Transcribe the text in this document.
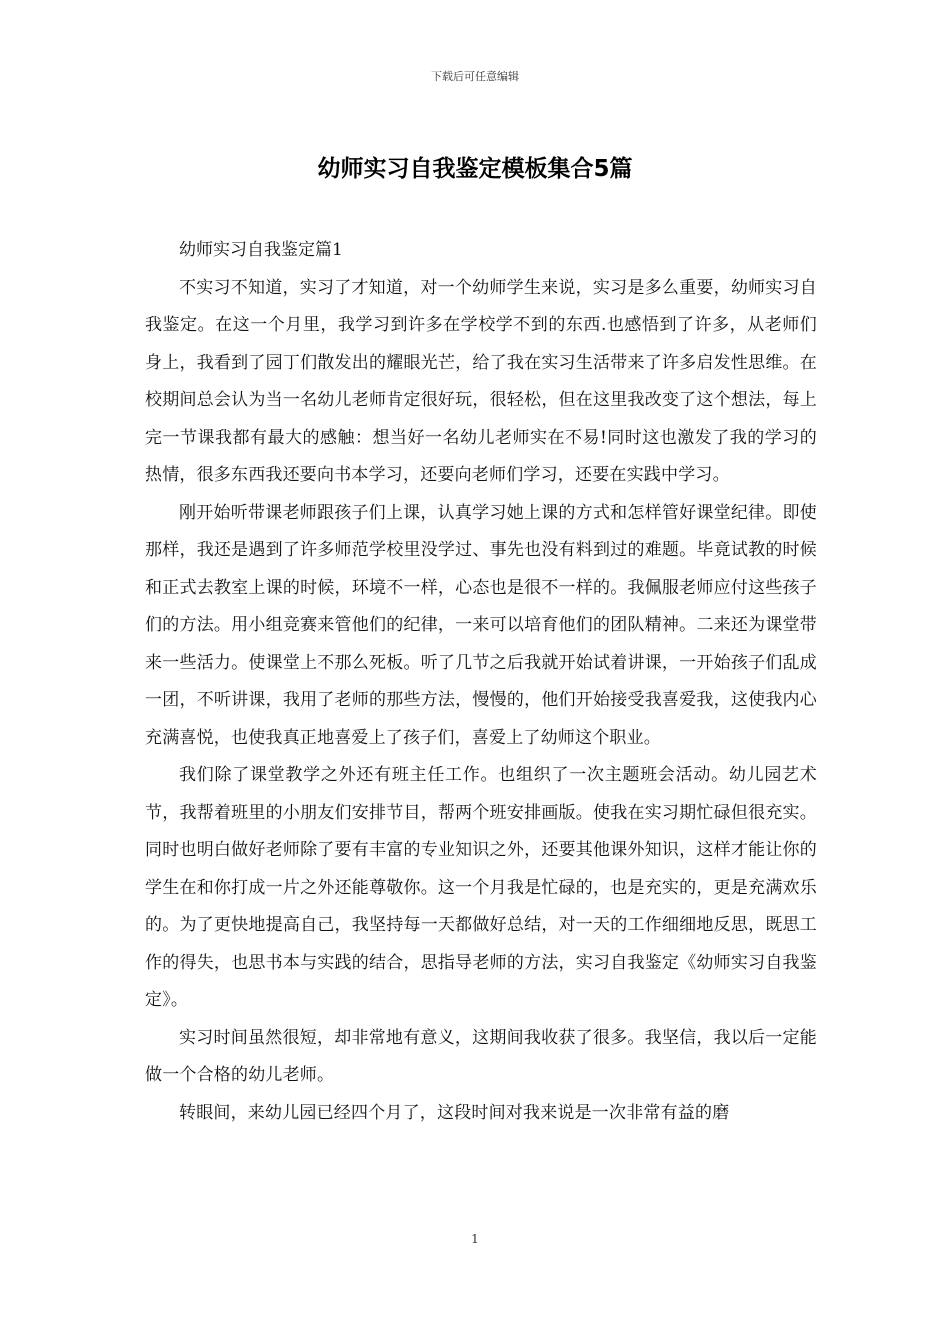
下载后可任意编辑
幼师实习自我鉴定模板集合5篇

幼师实习自我鉴定篇1

不实习不知道，实习了才知道，对一个幼师学生来说，实习是多么重要，幼师实习自我鉴定。在这一个月里，我学习到许多在学校学不到的东西.也感悟到了许多，从老师们身上，我看到了园丁们散发出的耀眼光芒，给了我在实习生活带来了许多启发性思维。在校期间总会认为当一名幼儿老师肯定很好玩，很轻松，但在这里我改变了这个想法，每上完一节课我都有最大的感触：想当好一名幼儿老师实在不易!同时这也激发了我的学习的热情，很多东西我还要向书本学习，还要向老师们学习，还要在实践中学习。

刚开始听带课老师跟孩子们上课，认真学习她上课的方式和怎样管好课堂纪律。即使那样，我还是遇到了许多师范学校里没学过、事先也没有料到过的难题。毕竟试教的时候和正式去教室上课的时候，环境不一样，心态也是很不一样的。我佩服老师应付这些孩子们的方法。用小组竞赛来管他们的纪律，一来可以培育他们的团队精神。二来还为课堂带来一些活力。使课堂上不那么死板。听了几节之后我就开始试着讲课，一开始孩子们乱成一团，不听讲课，我用了老师的那些方法，慢慢的，他们开始接受我喜爱我，这使我内心充满喜悦，也使我真正地喜爱上了孩子们，喜爱上了幼师这个职业。

我们除了课堂教学之外还有班主任工作。也组织了一次主题班会活动。幼儿园艺术节，我帮着班里的小朋友们安排节目，帮两个班安排画版。使我在实习期忙碌但很充实。同时也明白做好老师除了要有丰富的专业知识之外，还要其他课外知识，这样才能让你的学生在和你打成一片之外还能尊敬你。这一个月我是忙碌的，也是充实的，更是充满欢乐的。为了更快地提高自己，我坚持每一天都做好总结，对一天的工作细细地反思，既思工作的得失，也思书本与实践的结合，思指导老师的方法，实习自我鉴定《幼师实习自我鉴定》。

实习时间虽然很短，却非常地有意义，这期间我收获了很多。我坚信，我以后一定能做一个合格的幼儿老师。

转眼间，来幼儿园已经四个月了，这段时间对我来说是一次非常有益的磨

1
